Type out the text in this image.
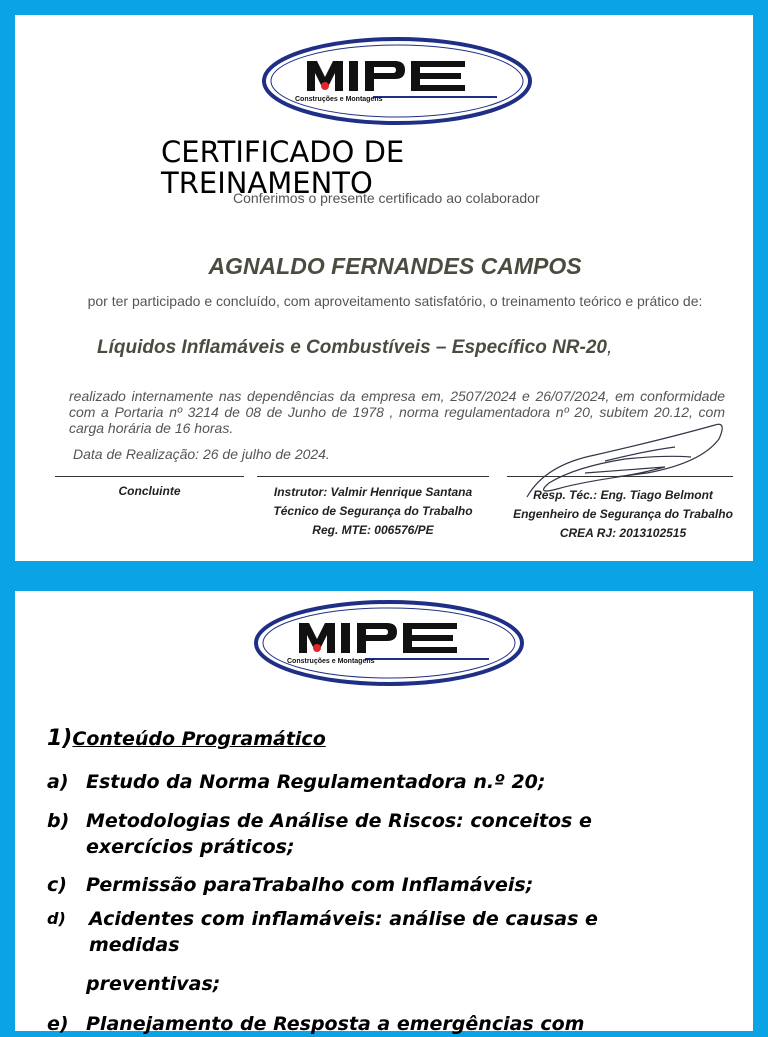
Construções e Montagens
CERTIFICADO DE TREINAMENTO
Conferimos o presente certificado ao colaborador
AGNALDO FERNANDES CAMPOS
por ter participado e concluído, com aproveitamento satisfatório, o treinamento teórico e prático de:
Líquidos Inflamáveis e Combustíveis – Específico NR-20,
realizado internamente nas dependências da empresa em, 2507/2024 e 26/07/2024, em conformidade com a Portaria nº 3214 de 08 de Junho de 1978 , norma regulamentadora nº 20, subitem 20.12, com carga horária de 16 horas.
Data de Realização: 26 de julho de 2024.
Concluinte	Instrutor: Valmir Henrique Santana
Técnico de Segurança do Trabalho
Reg. MTE: 006576/PE
Resp. Téc.: Eng. Tiago Belmont
Engenheiro de Segurança do Trabalho
CREA RJ: 2013102515
Construções e Montagens
1)Conteúdo Programático
a) Estudo da Norma Regulamentadora n.º 20;
b) Metodologias de Análise de Riscos: conceitos e exercícios práticos;
c) Permissão paraTrabalho com Inflamáveis;
d) Acidentes com inflamáveis: análise de causas e medidas
preventivas;
e) Planejamento de Resposta a emergências com
